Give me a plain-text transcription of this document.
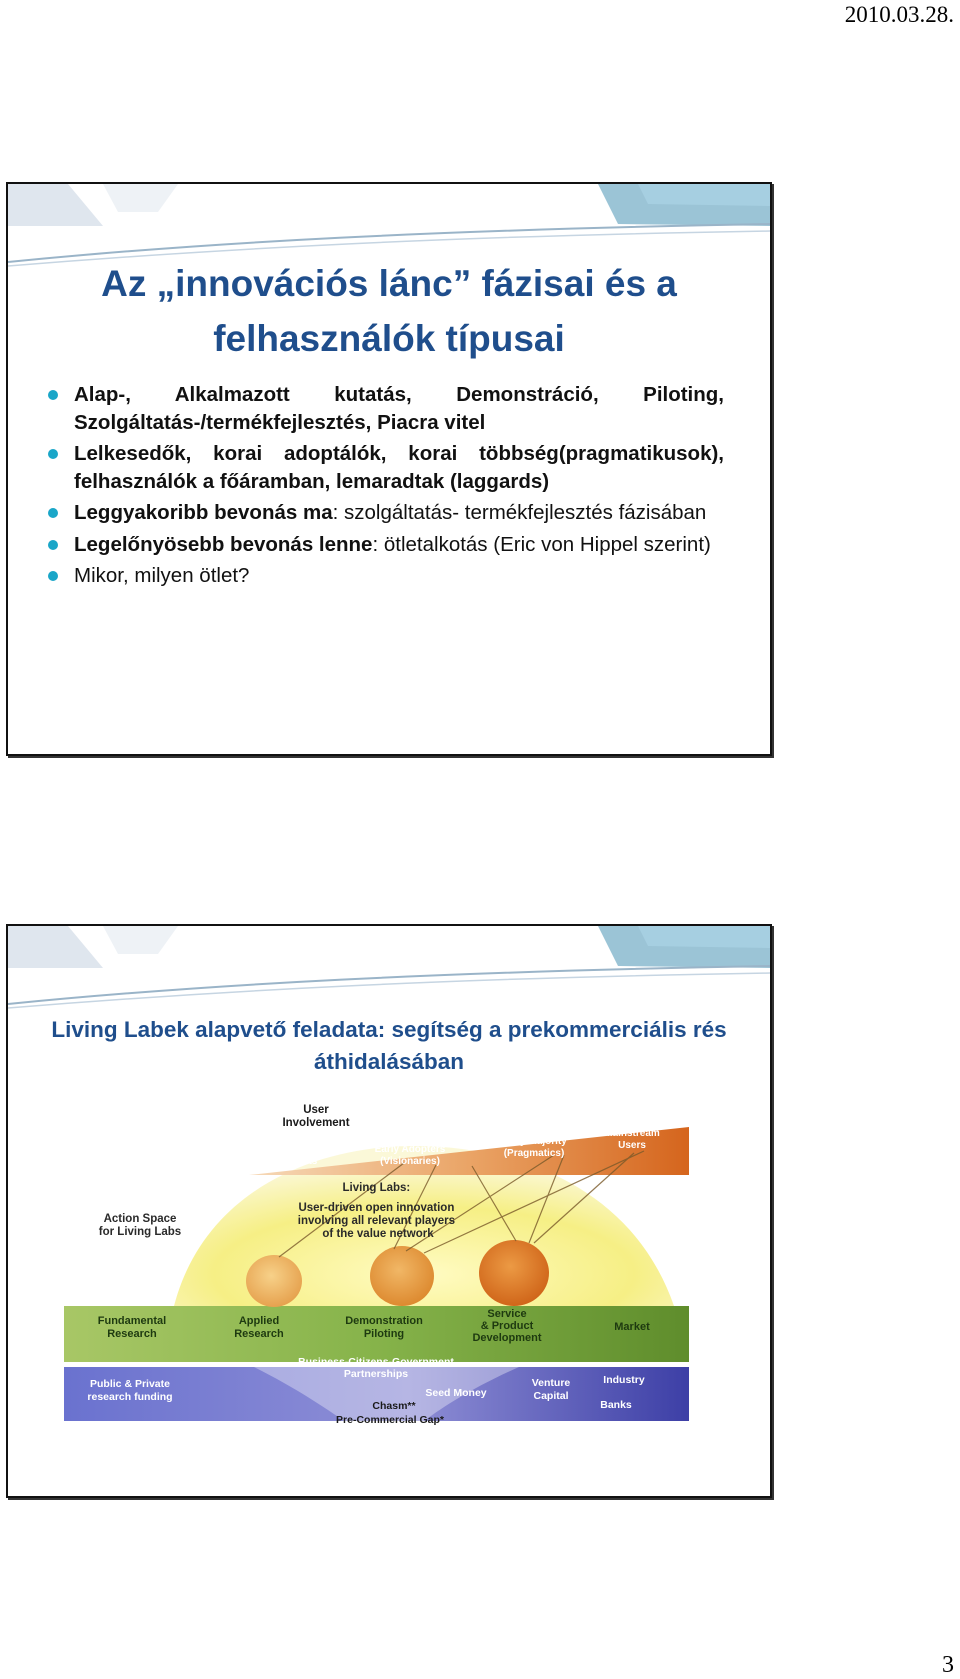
2010.03.28.
Az „innovációs lánc” fázisai és a
felhasználók típusai
Alap-, Alkalmazott kutatás, Demonstráció, Piloting, Szolgáltatás-/termékfejlesztés, Piacra vitel
Lelkesedők, korai adoptálók, korai többség(pragmatikusok), felhasználók a főáramban, lemaradtak (laggards)
Leggyakoribb bevonás ma: szolgáltatás- termékfejlesztés fázisában
Legelőnyösebb bevonás lenne: ötletalkotás (Eric von Hippel szerint)
Mikor, milyen ötlet?
Living Labek alapvető feladata: segítség a prekommerciális rés
áthidalásában
User Involvement
Enthusiasts
Early Adopters (Visionaries)
Early Majority (Pragmatics)
Mainstream Users
Living Labs: User-driven open innovation involving all relevant players of the value network
Action Space for Living Labs
Fundamental Research
Applied Research
Demonstration Piloting
Service & Product Development
Market
Business-Citizens-Government Partnerships
Public & Private research funding	Seed Money
Venture Capital
Industry
Banks
Chasm**
Pre-Commercial Gap*
3
